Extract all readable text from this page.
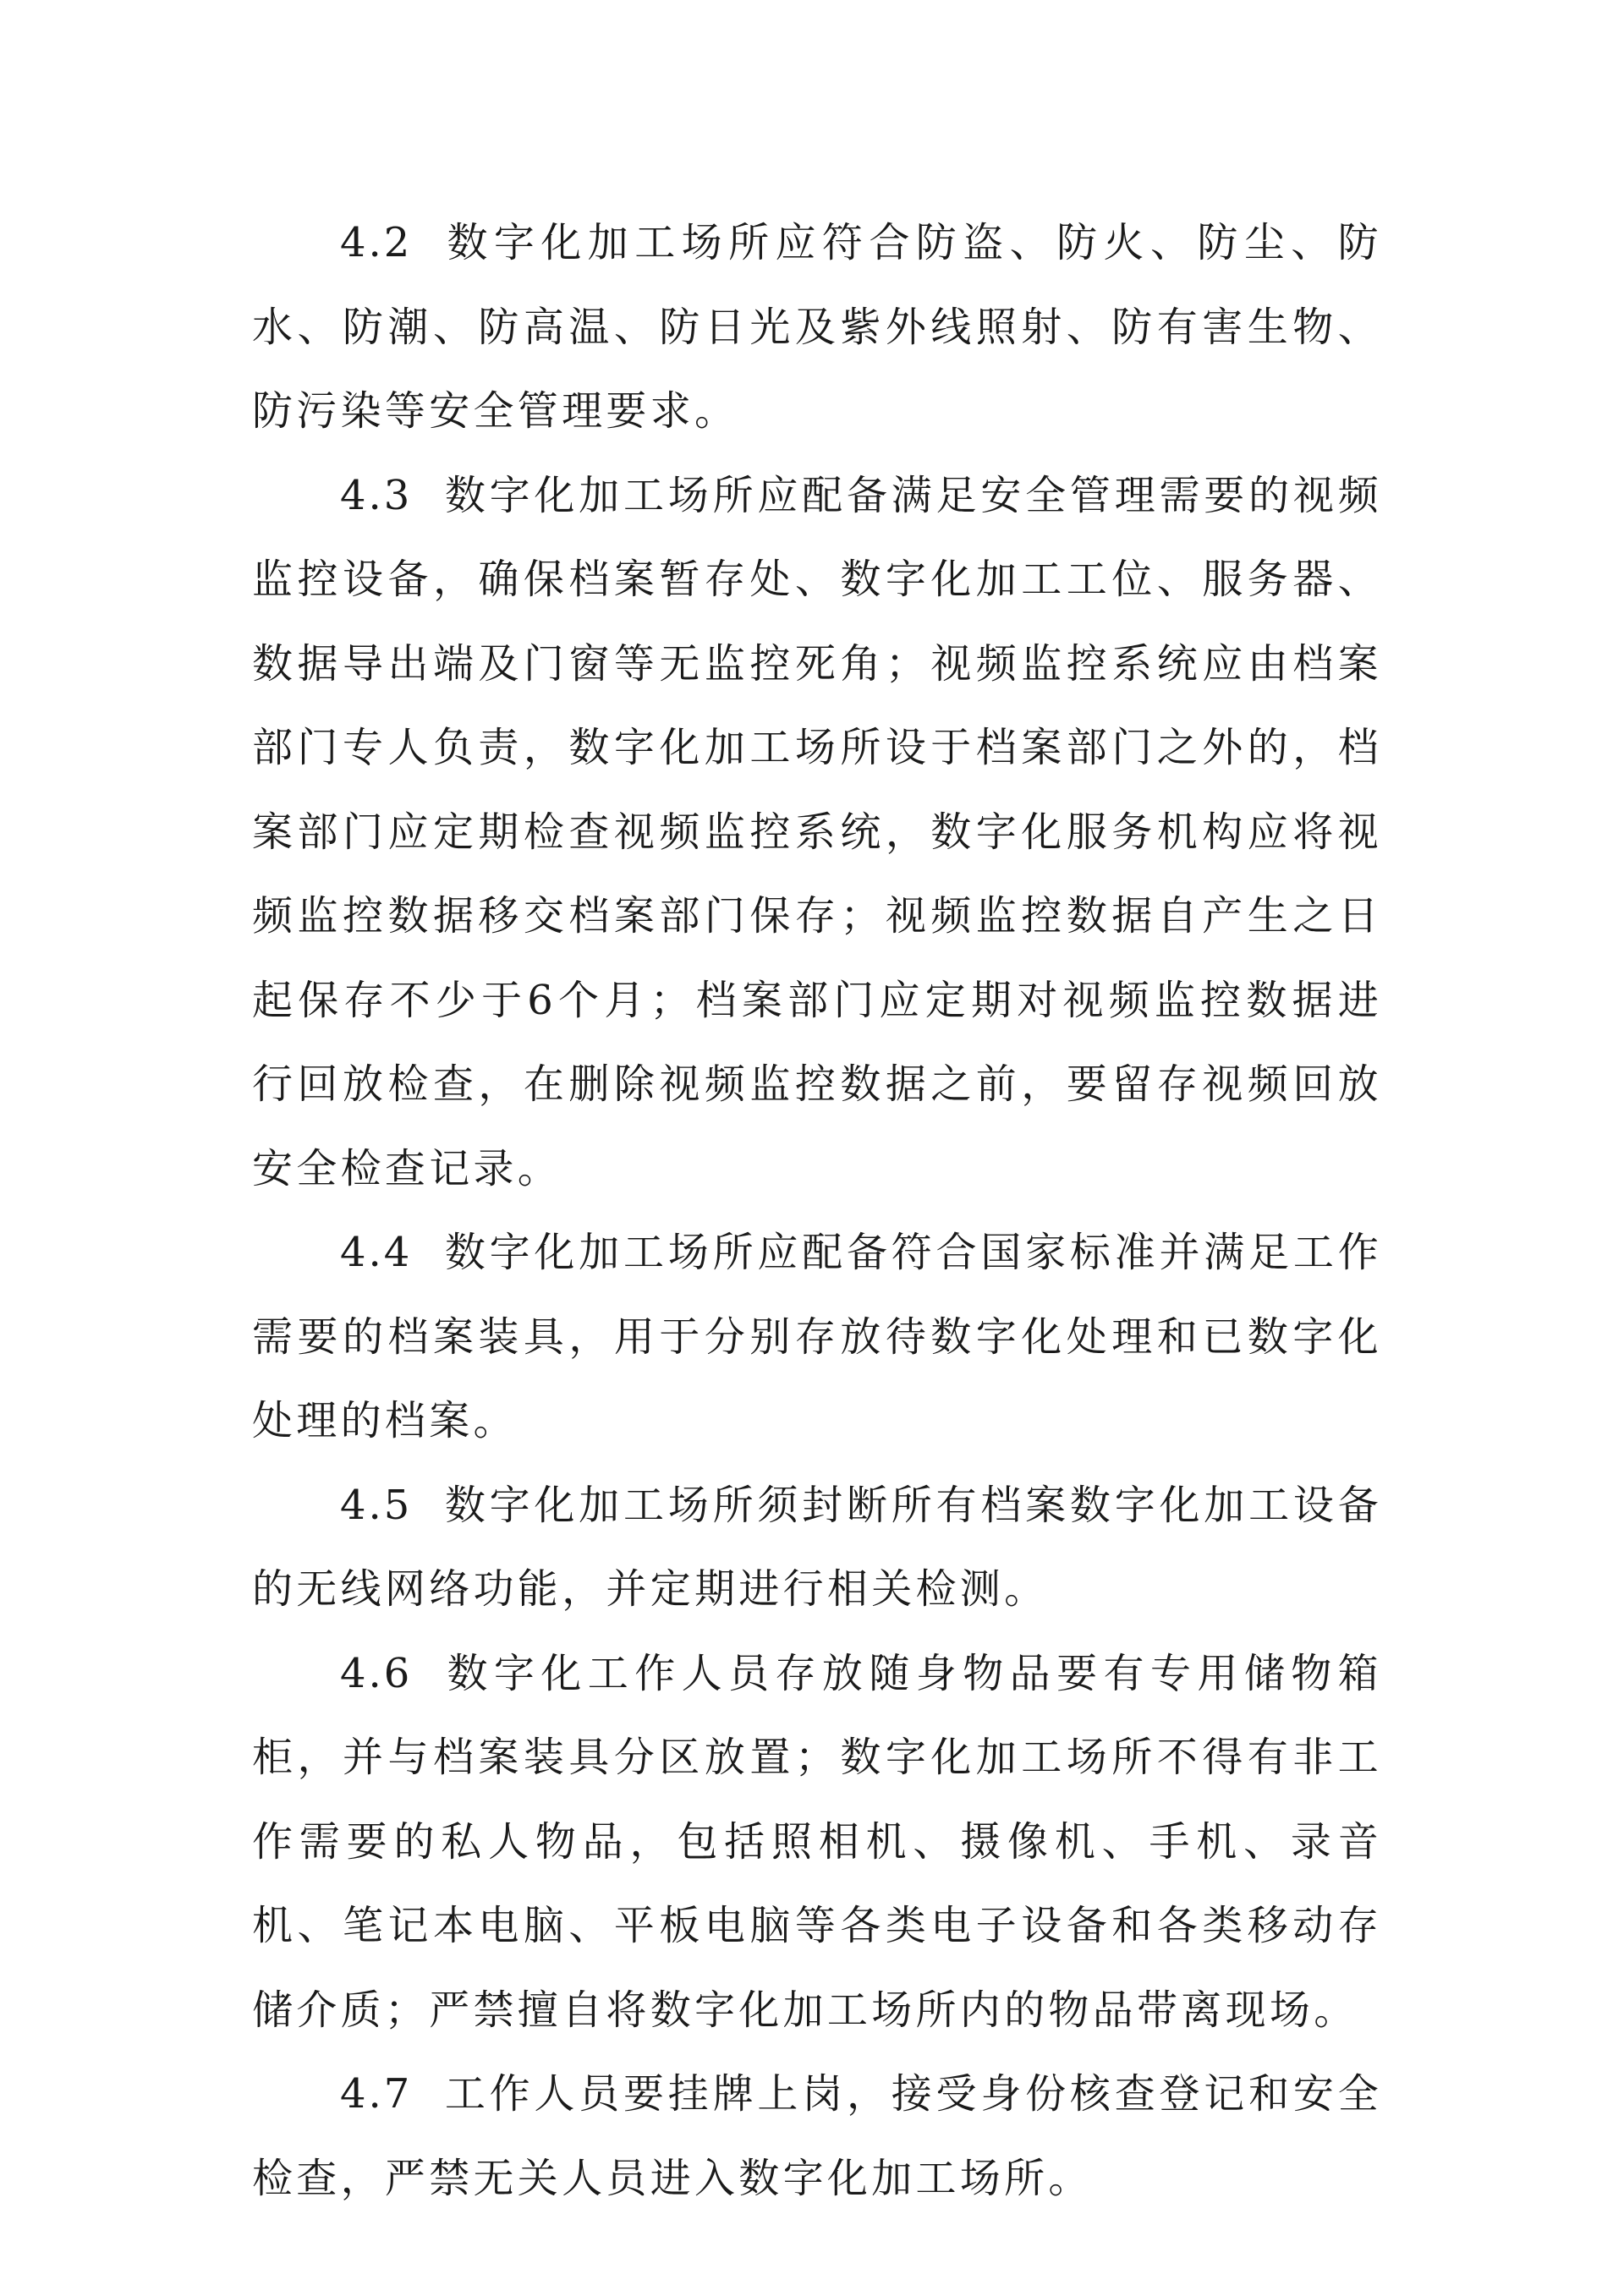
4.2 数字化加工场所应符合防盗、防火、防尘、防水、防潮、防高温、防日光及紫外线照射、防有害生物、防污染等安全管理要求。

4.3 数字化加工场所应配备满足安全管理需要的视频监控设备，确保档案暂存处、数字化加工工位、服务器、数据导出端及门窗等无监控死角；视频监控系统应由档案部门专人负责，数字化加工场所设于档案部门之外的，档案部门应定期检查视频监控系统，数字化服务机构应将视频监控数据移交档案部门保存；视频监控数据自产生之日起保存不少于6个月；档案部门应定期对视频监控数据进行回放检查，在删除视频监控数据之前，要留存视频回放安全检查记录。

4.4 数字化加工场所应配备符合国家标准并满足工作需要的档案装具，用于分别存放待数字化处理和已数字化处理的档案。

4.5 数字化加工场所须封断所有档案数字化加工设备的无线网络功能，并定期进行相关检测。

4.6 数字化工作人员存放随身物品要有专用储物箱柜，并与档案装具分区放置；数字化加工场所不得有非工作需要的私人物品，包括照相机、摄像机、手机、录音机、笔记本电脑、平板电脑等各类电子设备和各类移动存储介质；严禁擅自将数字化加工场所内的物品带离现场。

4.7 工作人员要挂牌上岗，接受身份核查登记和安全检查，严禁无关人员进入数字化加工场所。
